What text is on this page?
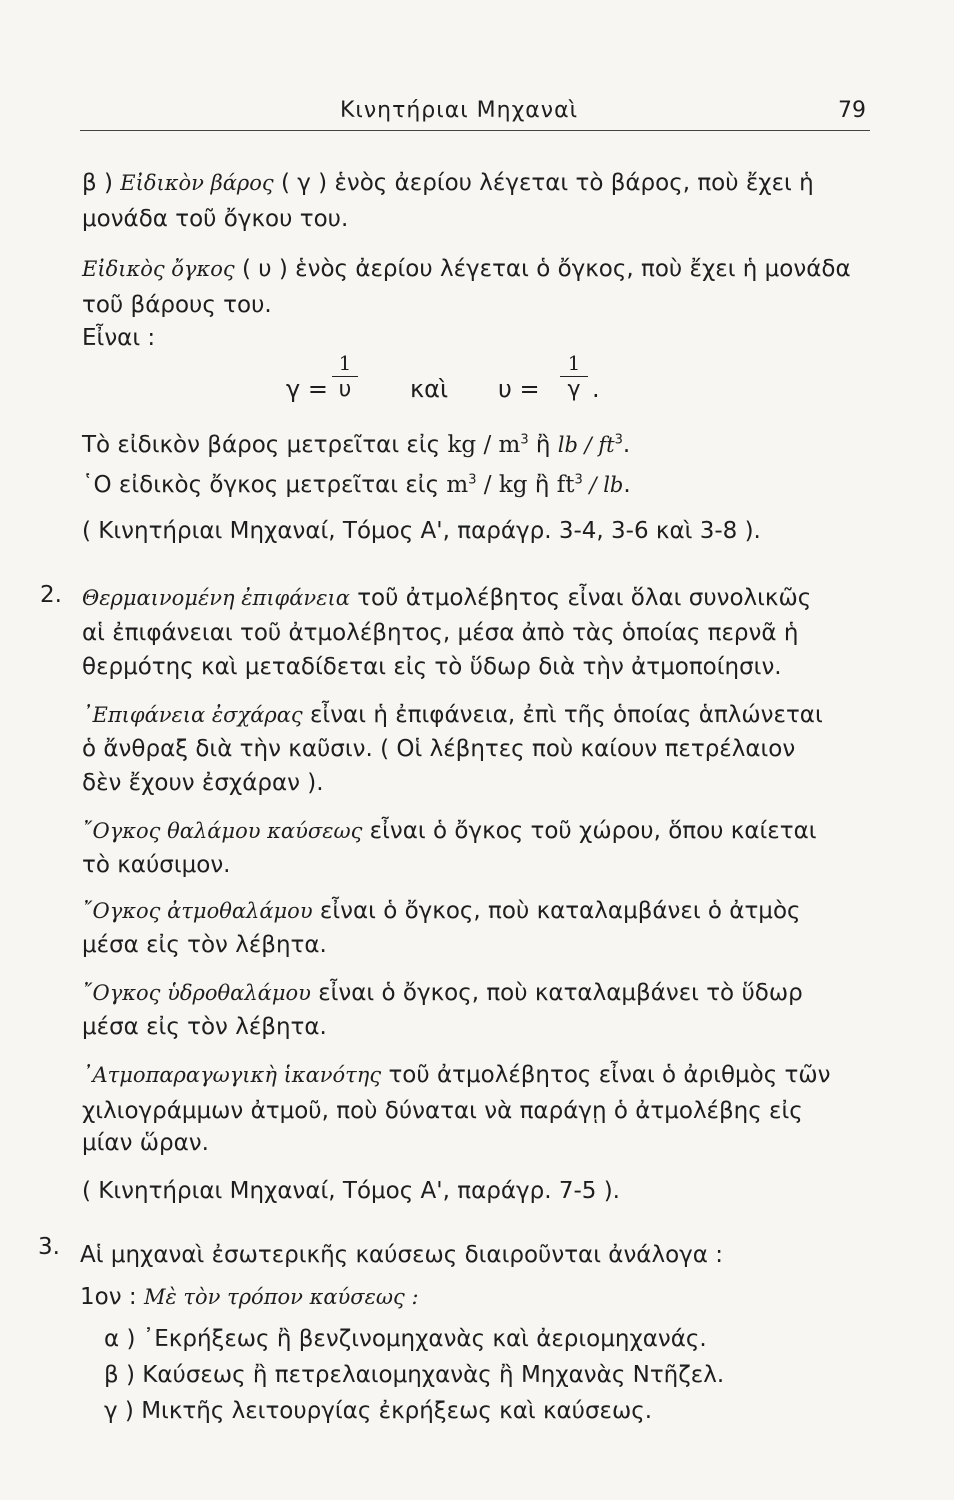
Κινητήριαι Μηχαναὶ	79
β ) Εἰδικὸν βάρος ( γ ) ἑνὸς ἀερίου λέγεται τὸ βάρος, ποὺ ἔχει ἡ
μονάδα τοῦ ὄγκου του.
Εἰδικὸς ὄγκος ( υ ) ἑνὸς ἀερίου λέγεται ὁ ὄγκος, ποὺ ἔχει ἡ μονάδα
τοῦ βάρους του.
Εἶναι :
γ =
1
υ καὶ υ =
1
γ .
Τὸ εἰδικὸν βάρος μετρεῖται εἰς kg / $m^3$ ἢ lb / $ft^3$.
῾Ο εἰδικὸς ὄγκος μετρεῖται εἰς $m^3$ / kg ἢ $ft^3$ / lb.
( Κινητήριαι Μηχαναί, Τόμος Α', παράγρ. 3-4, 3-6 καὶ 3-8 ).
2. Θερμαινομένη ἐπιφάνεια τοῦ ἀτμολέβητος εἶναι ὅλαι συνολικῶς
αἱ ἐπιφάνειαι τοῦ ἀτμολέβητος, μέσα ἀπὸ τὰς ὁποίας περνᾶ ἡ
θερμότης καὶ μεταδίδεται εἰς τὸ ὕδωρ διὰ τὴν ἀτμοποίησιν.
᾿Επιφάνεια ἐσχάρας εἶναι ἡ ἐπιφάνεια, ἐπὶ τῆς ὁποίας ἁπλώνεται
ὁ ἄνθραξ διὰ τὴν καῦσιν. ( Οἱ λέβητες ποὺ καίουν πετρέλαιον
δὲν ἔχουν ἐσχάραν ).
῎Ογκος θαλάμου καύσεως εἶναι ὁ ὄγκος τοῦ χώρου, ὅπου καίεται
τὸ καύσιμον.
῎Ογκος ἀτμοθαλάμου εἶναι ὁ ὄγκος, ποὺ καταλαμβάνει ὁ ἀτμὸς
μέσα εἰς τὸν λέβητα.
῎Ογκος ὑδροθαλάμου εἶναι ὁ ὄγκος, ποὺ καταλαμβάνει τὸ ὕδωρ
μέσα εἰς τὸν λέβητα.
᾿Ατμοπαραγωγικὴ ἱκανότης τοῦ ἀτμολέβητος εἶναι ὁ ἀριθμὸς τῶν
χιλιογράμμων ἀτμοῦ, ποὺ δύναται νὰ παράγῃ ὁ ἀτμολέβης εἰς
μίαν ὥραν.
( Κινητήριαι Μηχαναί, Τόμος Α', παράγρ. 7-5 ).
3. Αἱ μηχαναὶ ἐσωτερικῆς καύσεως διαιροῦνται ἀνάλογα :
1ον : Μὲ τὸν τρόπον καύσεως :
α ) ᾿Εκρήξεως ἢ βενζινομηχανὰς καὶ ἀεριομηχανάς.
β ) Καύσεως ἢ πετρελαιομηχανὰς ἢ Μηχανὰς Ντῆζελ.
γ ) Μικτῆς λειτουργίας ἐκρήξεως καὶ καύσεως.
